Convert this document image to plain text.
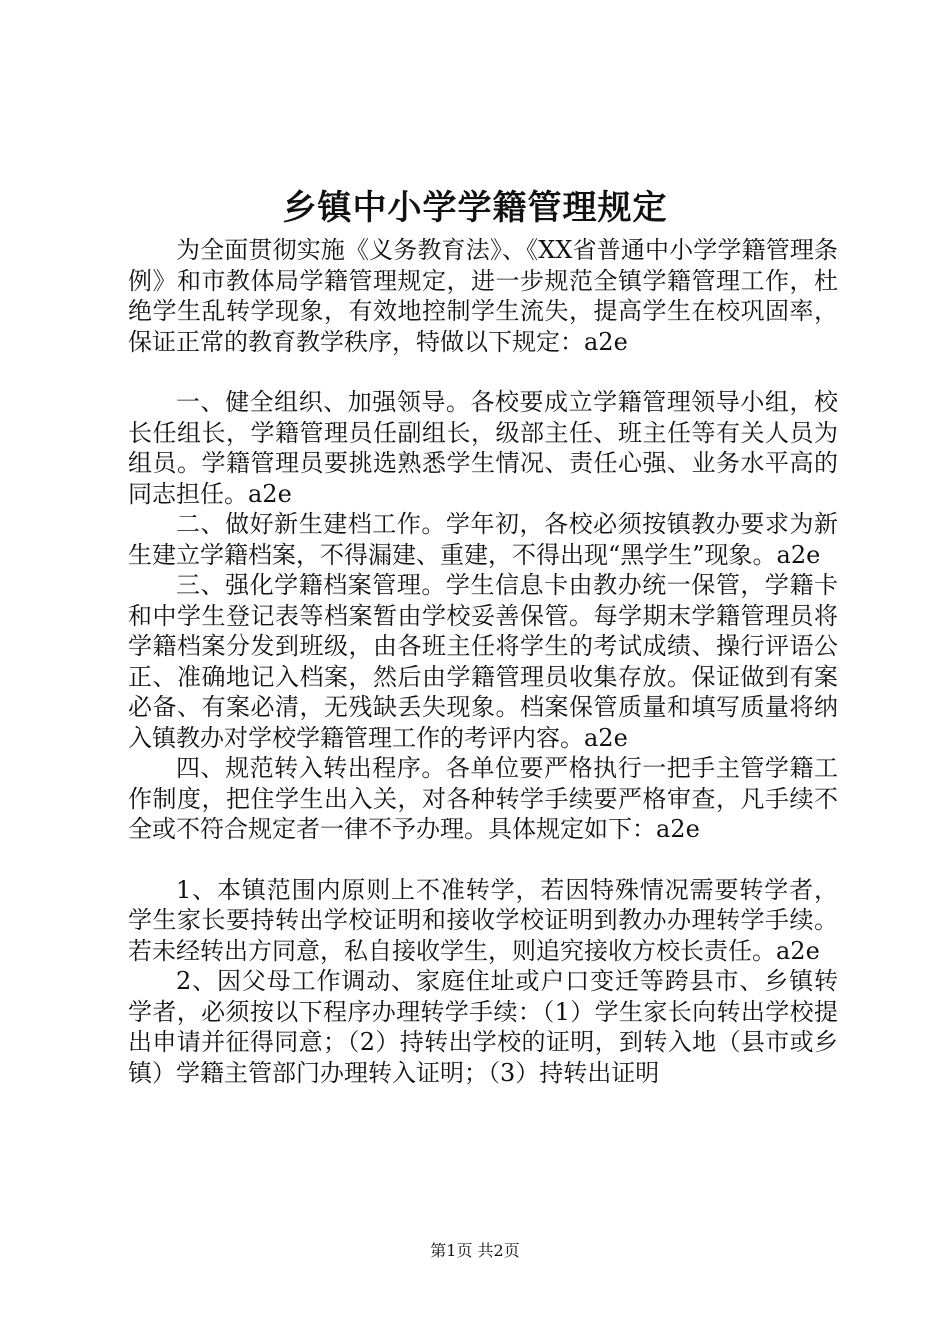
乡镇中小学学籍管理规定

为全面贯彻实施《义务教育法》、《XX省普通中小学学籍管理条例》和市教体局学籍管理规定，进一步规范全镇学籍管理工作，杜绝学生乱转学现象，有效地控制学生流失，提高学生在校巩固率，保证正常的教育教学秩序，特做以下规定：a2e

一、健全组织、加强领导。各校要成立学籍管理领导小组，校长任组长，学籍管理员任副组长，级部主任、班主任等有关人员为组员。学籍管理员要挑选熟悉学生情况、责任心强、业务水平高的同志担任。a2e

二、做好新生建档工作。学年初，各校必须按镇教办要求为新生建立学籍档案，不得漏建、重建，不得出现“黑学生”现象。a2e

三、强化学籍档案管理。学生信息卡由教办统一保管，学籍卡和中学生登记表等档案暂由学校妥善保管。每学期末学籍管理员将学籍档案分发到班级，由各班主任将学生的考试成绩、操行评语公正、准确地记入档案，然后由学籍管理员收集存放。保证做到有案必备、有案必清，无残缺丢失现象。档案保管质量和填写质量将纳入镇教办对学校学籍管理工作的考评内容。a2e

四、规范转入转出程序。各单位要严格执行一把手主管学籍工作制度，把住学生出入关，对各种转学手续要严格审查，凡手续不全或不符合规定者一律不予办理。具体规定如下：a2e

1、本镇范围内原则上不准转学，若因特殊情况需要转学者，学生家长要持转出学校证明和接收学校证明到教办办理转学手续。若未经转出方同意，私自接收学生，则追究接收方校长责任。a2e

2、因父母工作调动、家庭住址或户口变迁等跨县市、乡镇转学者，必须按以下程序办理转学手续：（1）学生家长向转出学校提出申请并征得同意；（2）持转出学校的证明，到转入地（县市或乡镇）学籍主管部门办理转入证明；（3）持转出证明

第1页 共2页
